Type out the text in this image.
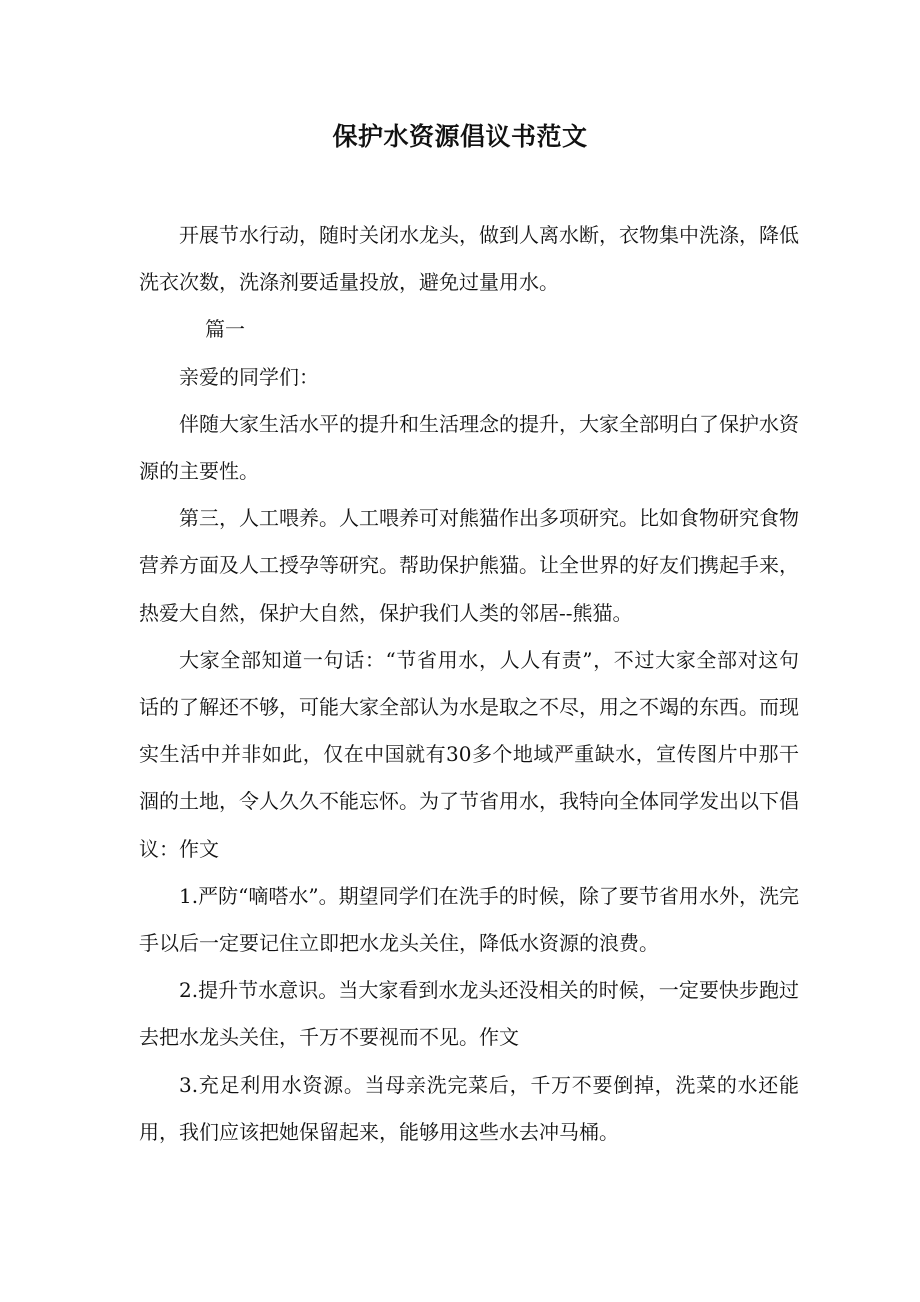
保护水资源倡议书范文

开展节水行动，随时关闭水龙头，做到人离水断，衣物集中洗涤，降低洗衣次数，洗涤剂要适量投放，避免过量用水。

篇一

亲爱的同学们：

伴随大家生活水平的提升和生活理念的提升，大家全部明白了保护水资源的主要性。

第三，人工喂养。人工喂养可对熊猫作出多项研究。比如食物研究食物营养方面及人工授孕等研究。帮助保护熊猫。让全世界的好友们携起手来，热爱大自然，保护大自然，保护我们人类的邻居--熊猫。

大家全部知道一句话：“节省用水，人人有责”，不过大家全部对这句话的了解还不够，可能大家全部认为水是取之不尽，用之不竭的东西。而现实生活中并非如此，仅在中国就有30多个地域严重缺水，宣传图片中那干涸的土地，令人久久不能忘怀。为了节省用水，我特向全体同学发出以下倡议：作文

1.严防“嘀嗒水”。期望同学们在洗手的时候，除了要节省用水外，洗完手以后一定要记住立即把水龙头关住，降低水资源的浪费。

2.提升节水意识。当大家看到水龙头还没相关的时候，一定要快步跑过去把水龙头关住，千万不要视而不见。作文

3.充足利用水资源。当母亲洗完菜后，千万不要倒掉，洗菜的水还能用，我们应该把她保留起来，能够用这些水去冲马桶。
